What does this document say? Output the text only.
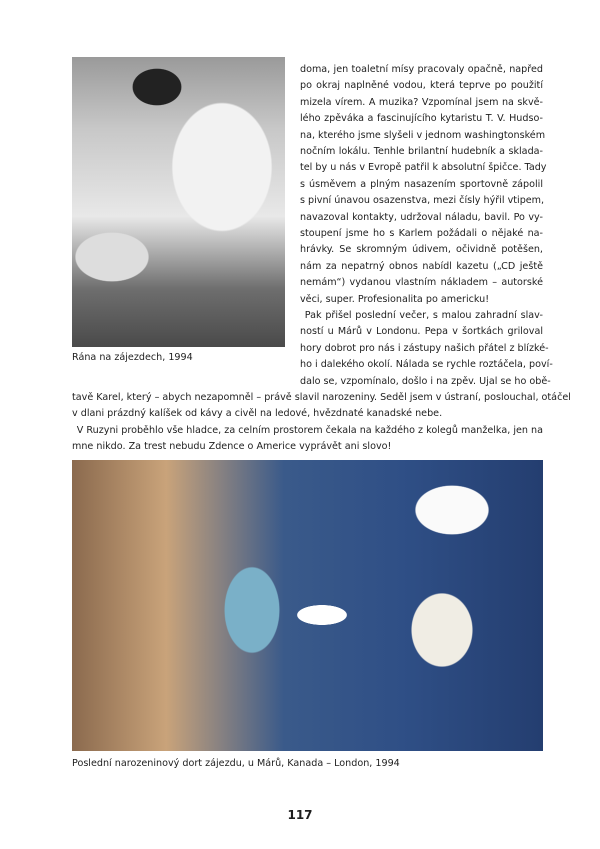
Rána na zájezdech, 1994
doma, jen toaletní mísy pracovaly opačně, napřed
po okraj naplněné vodou, která teprve po použití
mizela vírem. A muzika? Vzpomínal jsem na skvě-
lého zpěváka a fascinujícího kytaristu T. V. Hudso-
na, kterého jsme slyšeli v jednom washingtonském
nočním lokálu. Tenhle brilantní hudebník a sklada-
tel by u nás v Evropě patřil k absolutní špičce. Tady
s úsměvem a plným nasazením sportovně zápolil
s pivní únavou osazenstva, mezi čísly hýřil vtipem,
navazoval kontakty, udržoval náladu, bavil. Po vy-
stoupení jsme ho s Karlem požádali o nějaké na-
hrávky. Se skromným údivem, očividně potěšen,
nám za nepatrný obnos nabídl kazetu („CD ještě
nemám“) vydanou vlastním nákladem – autorské
věci, super. Profesionalita po americku!
 Pak přišel poslední večer, s malou zahradní slav-
ností u Márů v Londonu. Pepa v šortkách griloval
hory dobrot pro nás i zástupy našich přátel z blízké-
ho i dalekého okolí. Nálada se rychle roztáčela, poví-
dalo se, vzpomínalo, došlo i na zpěv. Ujal se ho obě-
tavě Karel, který – abych nezapomněl – právě slavil narozeniny. Seděl jsem v ústraní, poslouchal, otáčel
v dlani prázdný kalíšek od kávy a civěl na ledové, hvězdnaté kanadské nebe.
 V Ruzyni proběhlo vše hladce, za celním prostorem čekala na každého z kolegů manželka, jen na
mne nikdo. Za trest nebudu Zdence o Americe vyprávět ani slovo!
Poslední narozeninový dort zájezdu, u Márů, Kanada – London, 1994
117
